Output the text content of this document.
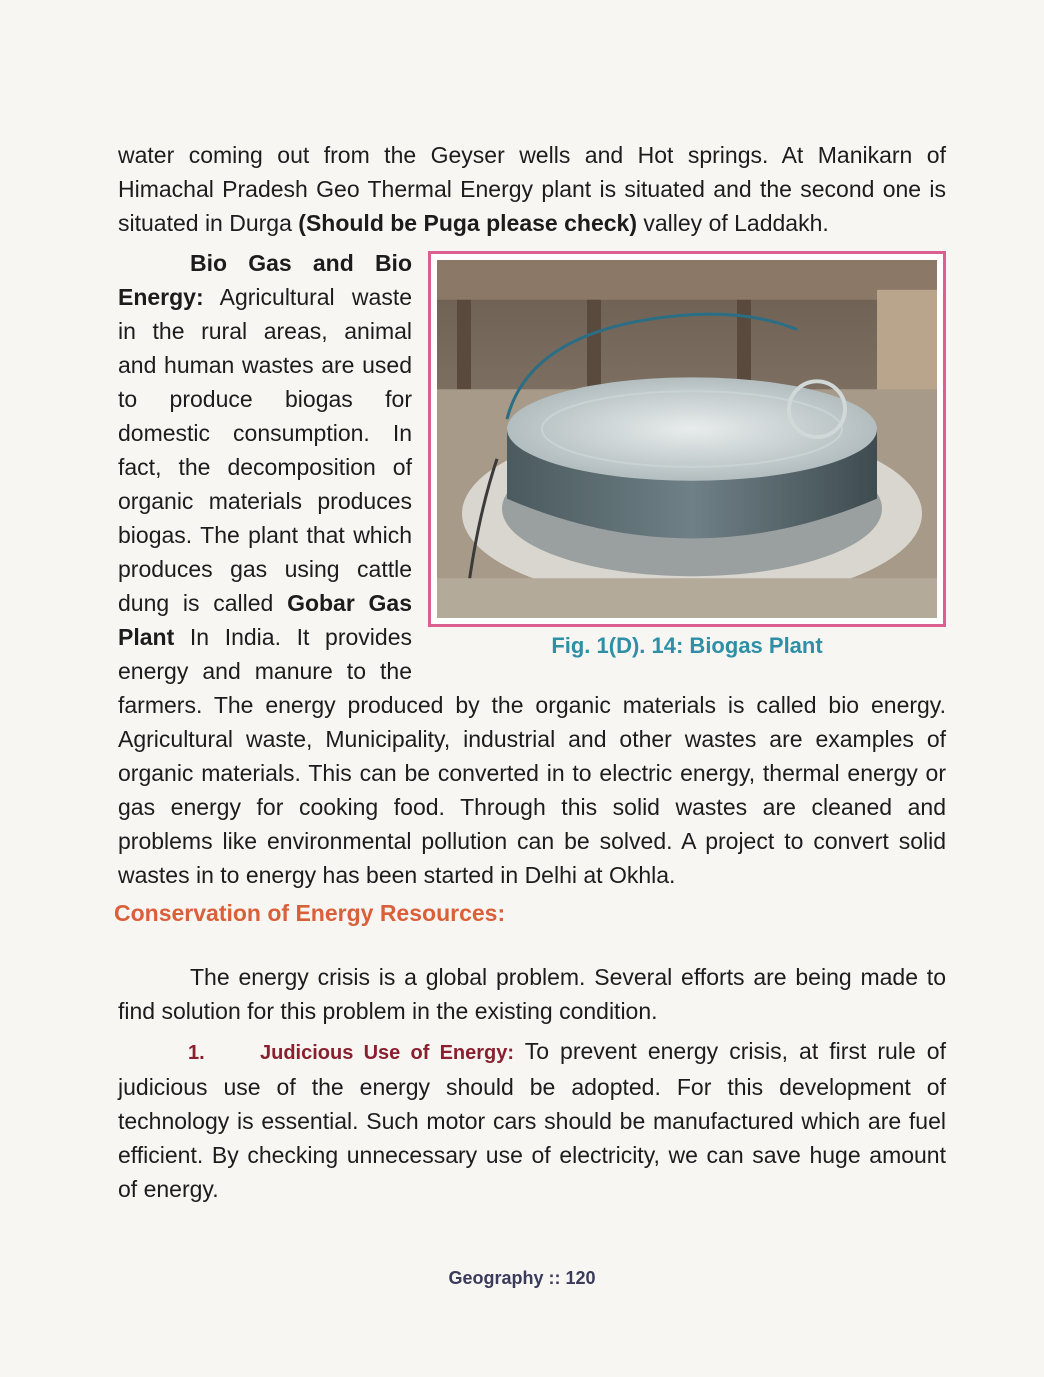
water coming out from the Geyser wells and Hot springs. At Manikarn of Himachal Pradesh Geo Thermal Energy plant is situated and the second one is situated in Durga (Should be Puga please check) valley of Laddakh.

Fig. 1(D). 14: Biogas Plant

Bio Gas and Bio Energy: Agricultural waste in the rural areas, animal and human wastes are used to produce biogas for domestic consumption. In fact, the decomposition of organic materials produces biogas. The plant that which produces gas using cattle dung is called Gobar Gas Plant In India. It provides energy and manure to the farmers. The energy produced by the organic materials is called bio energy. Agricultural waste, Municipality, industrial and other wastes are examples of organic materials. This can be converted in to electric energy, thermal energy or gas energy for cooking food. Through this solid wastes are cleaned and problems like environmental pollution can be solved. A project to convert solid wastes in to energy has been started in Delhi at Okhla.

Conservation of Energy Resources:

The energy crisis is a global problem. Several efforts are being made to find solution for this problem in the existing condition.

1.	Judicious Use of Energy: To prevent energy crisis, at first rule of judicious use of the energy should be adopted. For this development of technology is essential. Such motor cars should be manufactured which are fuel efficient. By checking unnecessary use of electricity, we can save huge amount of energy.

Geography :: 120
